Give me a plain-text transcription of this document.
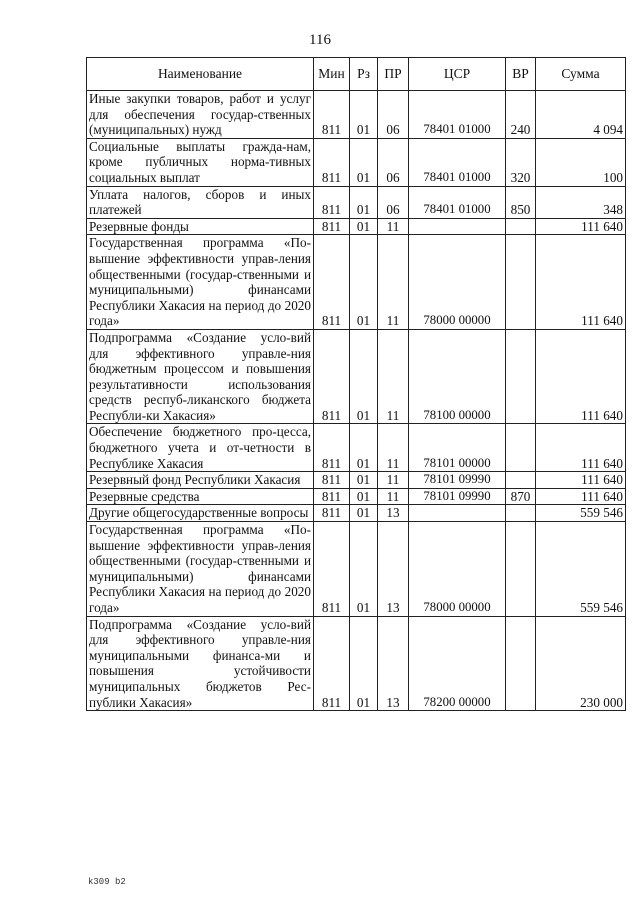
116
Наименование	Мин	Рз	ПР	ЦСР	ВР	Сумма
Иные закупки товаров, работ и услуг для обеспечения государ-ственных (муниципальных) нужд	811	01	06	78401 01000	240	4 094
Социальные выплаты гражда-нам, кроме публичных норма-тивных социальных выплат	811	01	06	78401 01000	320	100
Уплата налогов, сборов и иных платежей	811	01	06	78401 01000	850	348
Резервные фонды	811	01	11			111 640
Государственная программа «По-вышение эффективности управ-ления общественными (государ-ственными и муниципальными) финансами Республики Хакасия на период до 2020 года»	811	01	11	78000 00000		111 640
Подпрограмма «Создание усло-вий для эффективного управле-ния бюджетным процессом и повышения результативности использования средств респуб-ликанского бюджета Республи-ки Хакасия»	811	01	11	78100 00000		111 640
Обеспечение бюджетного про-цесса, бюджетного учета и от-четности в Республике Хакасия	811	01	11	78101 00000		111 640
Резервный фонд Республики Хакасия	811	01	11	78101 09990		111 640
Резервные средства	811	01	11	78101 09990	870	111 640
Другие общегосударственные вопросы	811	01	13			559 546
Государственная программа «По-вышение эффективности управ-ления общественными (государ-ственными и муниципальными) финансами Республики Хакасия на период до 2020 года»	811	01	13	78000 00000		559 546
Подпрограмма «Создание усло-вий для эффективного управле-ния муниципальными финанса-ми и повышения устойчивости муниципальных бюджетов Рес-публики Хакасия»	811	01	13	78200 00000		230 000
k309 b2
